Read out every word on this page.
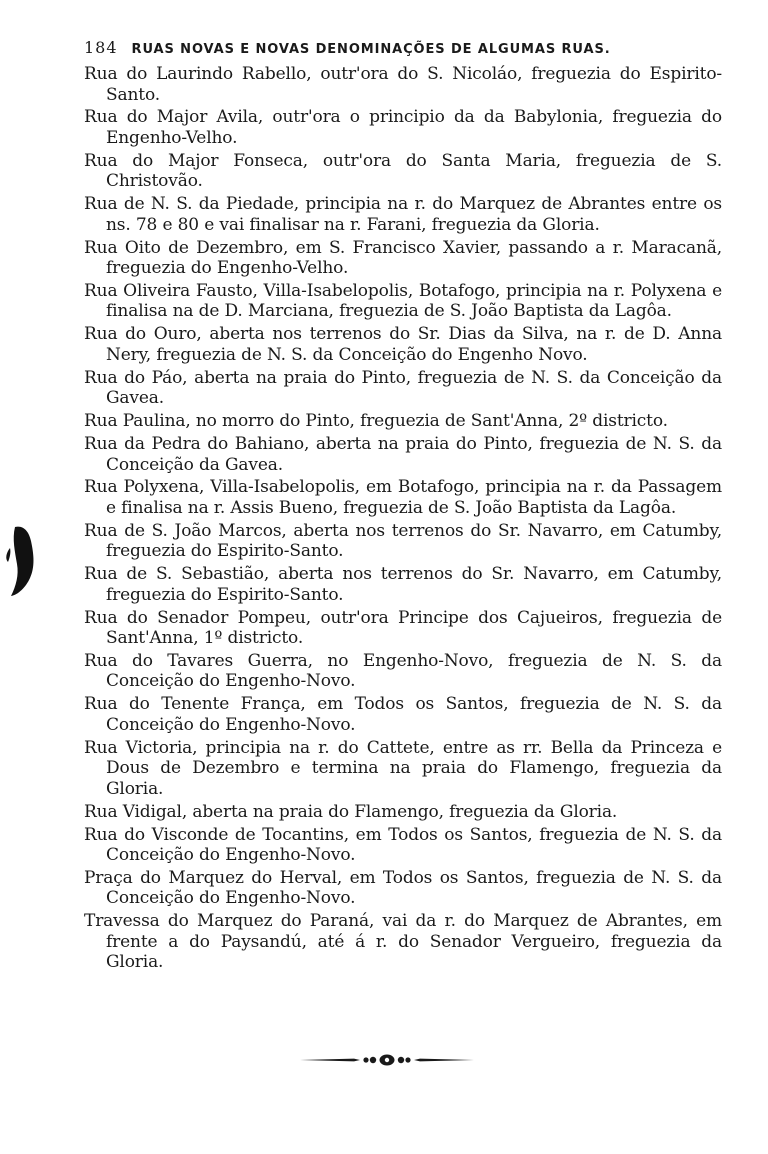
184 RUAS NOVAS E NOVAS DENOMINAÇÕES DE ALGUMAS RUAS.

Rua do Laurindo Rabello, outr'ora do S. Nicoláo, freguezia do Espirito-Santo.

Rua do Major Avila, outr'ora o principio da da Babylonia, freguezia do Engenho-Velho.

Rua do Major Fonseca, outr'ora do Santa Maria, freguezia de S. Christovão.

Rua de N. S. da Piedade, principia na r. do Marquez de Abrantes entre os ns. 78 e 80 e vai finalisar na r. Farani, freguezia da Gloria.

Rua Oito de Dezembro, em S. Francisco Xavier, passando a r. Maracanã, freguezia do Engenho-Velho.

Rua Oliveira Fausto, Villa-Isabelopolis, Botafogo, principia na r. Polyxena e finalisa na de D. Marciana, freguezia de S. João Baptista da Lagôa.

Rua do Ouro, aberta nos terrenos do Sr. Dias da Silva, na r. de D. Anna Nery, freguezia de N. S. da Conceição do Engenho Novo.

Rua do Páo, aberta na praia do Pinto, freguezia de N. S. da Conceição da Gavea.

Rua Paulina, no morro do Pinto, freguezia de Sant'Anna, 2º districto.

Rua da Pedra do Bahiano, aberta na praia do Pinto, freguezia de N. S. da Conceição da Gavea.

Rua Polyxena, Villa-Isabelopolis, em Botafogo, principia na r. da Passagem e finalisa na r. Assis Bueno, freguezia de S. João Baptista da Lagôa.

Rua de S. João Marcos, aberta nos terrenos do Sr. Navarro, em Catumby, freguezia do Espirito-Santo.

Rua de S. Sebastião, aberta nos terrenos do Sr. Navarro, em Catumby, freguezia do Espirito-Santo.

Rua do Senador Pompeu, outr'ora Principe dos Cajueiros, freguezia de Sant'Anna, 1º districto.

Rua do Tavares Guerra, no Engenho-Novo, freguezia de N. S. da Conceição do Engenho-Novo.

Rua do Tenente França, em Todos os Santos, freguezia de N. S. da Conceição do Engenho-Novo.

Rua Victoria, principia na r. do Cattete, entre as rr. Bella da Princeza e Dous de Dezembro e termina na praia do Flamengo, freguezia da Gloria.

Rua Vidigal, aberta na praia do Flamengo, freguezia da Gloria.

Rua do Visconde de Tocantins, em Todos os Santos, freguezia de N. S. da Conceição do Engenho-Novo.

Praça do Marquez do Herval, em Todos os Santos, freguezia de N. S. da Conceição do Engenho-Novo.

Travessa do Marquez do Paraná, vai da r. do Marquez de Abrantes, em frente a do Paysandú, até á r. do Senador Vergueiro, freguezia da Gloria.
